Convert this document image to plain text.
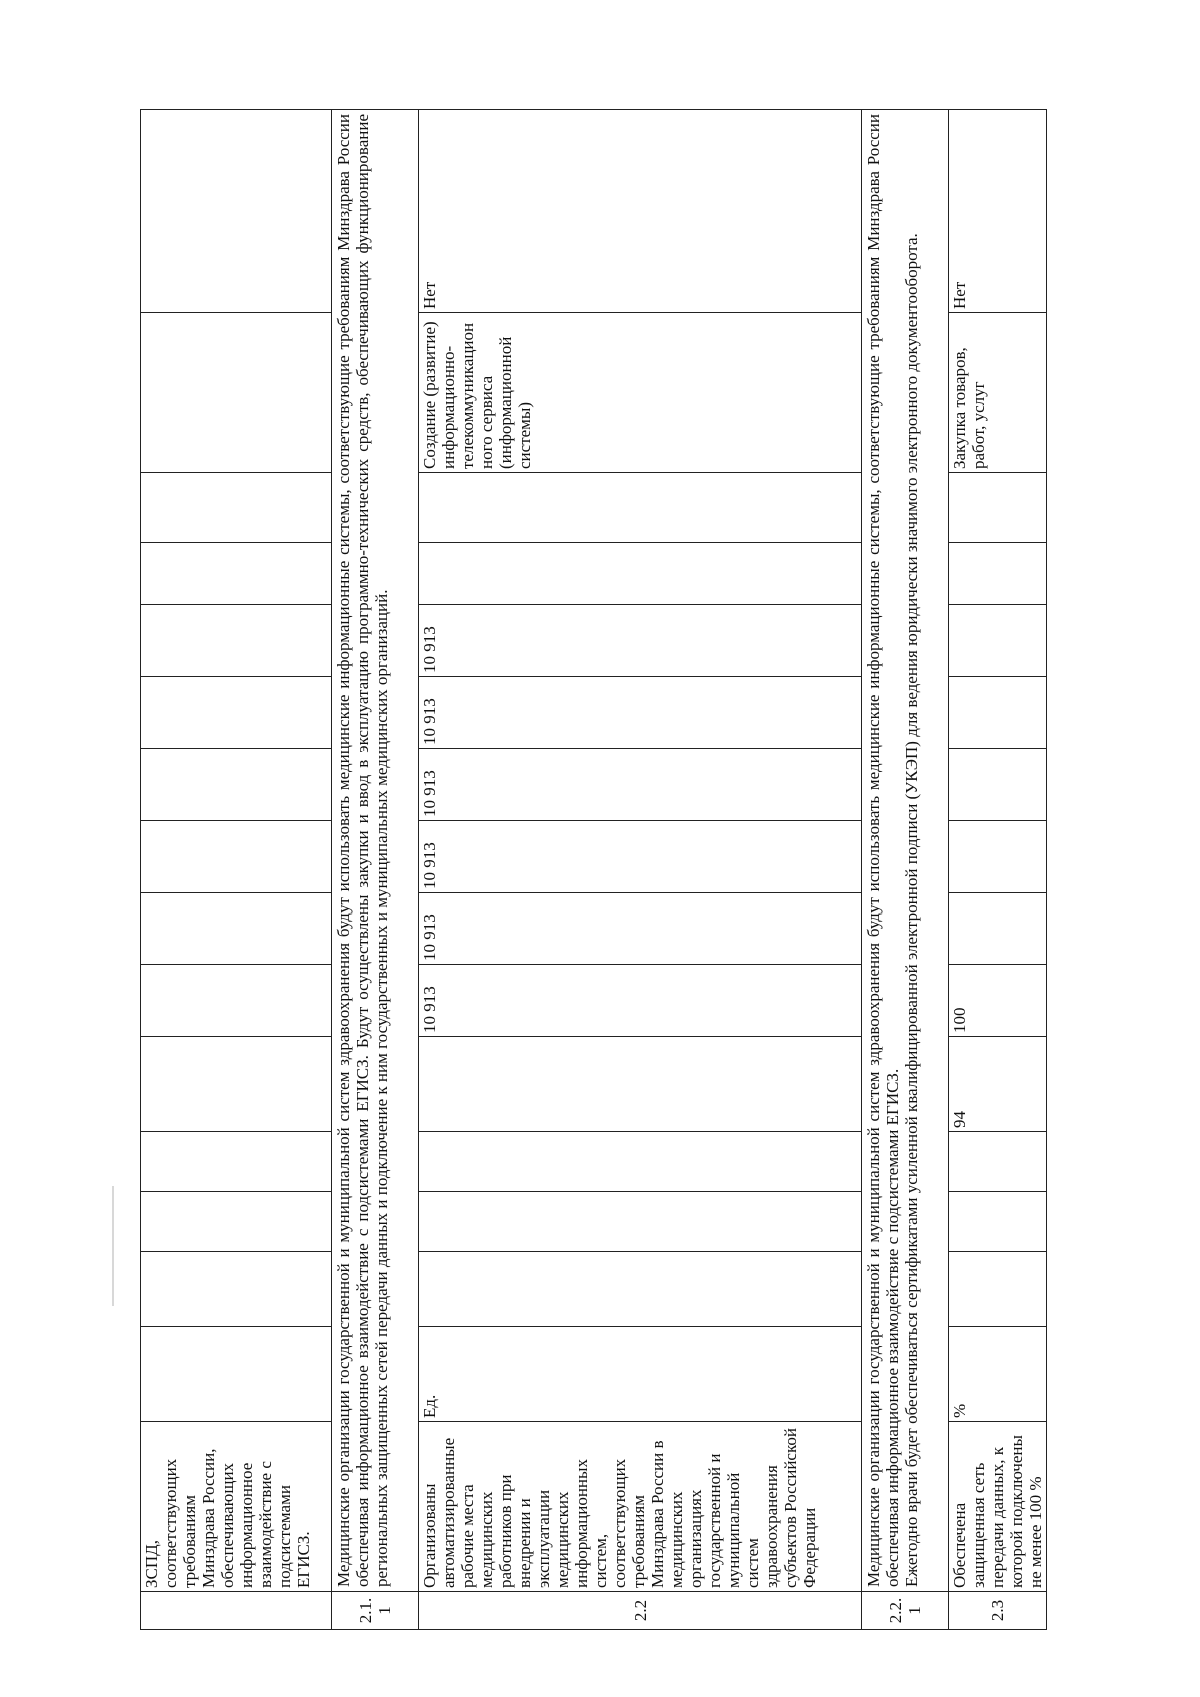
	ЗСПД, соответствующих требованиям Минздрава России, обеспечивающих информационное взаимодействие с подсистемами ЕГИСЗ.															
2.1.1	Медицинские организации государственной и муниципальной систем здравоохранения будут использовать медицинские информационные системы, соответствующие требованиям Минздрава России обеспечивая информационное взаимодействие с подсистемами ЕГИСЗ. Будут осуществлены закупки и ввод в эксплуатацию программно-технических средств, обеспечивающих функционирование региональных защищенных сетей передачи данных и подключение к ним государственных и муниципальных медицинских организаций.															
2.2	Организованы автоматизированные рабочие места медицинских работников при внедрении и эксплуатации медицинских информационных систем, соответствующих требованиям Минздрава России в медицинских организациях государственной и муниципальной систем здравоохранения субъектов Российской Федерации	Ед.					10 913	10 913	10 913	10 913	10 913	10 913			Создание (развитие) информационно-телекоммуникационного сервиса (информационной системы)	Нет
2.2.1	Медицинские организации государственной и муниципальной систем здравоохранения будут использовать медицинские информационные системы, соответствующие требованиям Минздрава России обеспечивая информационное взаимодействие с подсистемами ЕГИСЗ. Ежегодно врачи будет обеспечиваться сертификатами усиленной квалифицированной электронной подписи (УКЭП) для ведения юридически значимого электронного документооборота.															

2.3	Обеспечена защищенная сеть передачи данных, к которой подключены не менее 100 %	%				94	100								Закупка товаров, работ, услуг	Нет
